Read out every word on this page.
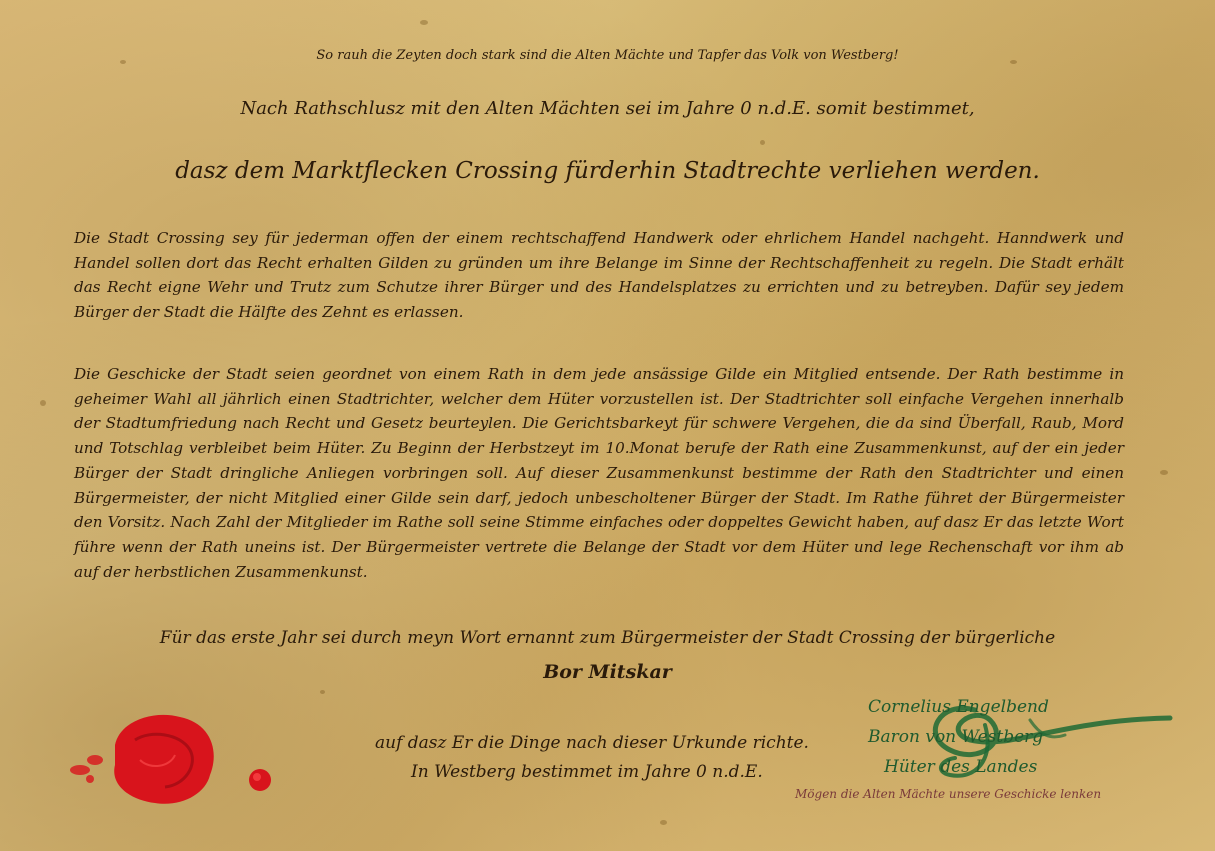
So rauh die Zeyten doch stark sind die Alten Mächte und Tapfer das Volk von Westberg!
Nach Rathschlusz mit den Alten Mächten sei im Jahre 0 n.d.E. somit bestimmet,
dasz dem Marktflecken Crossing fürderhin Stadtrechte verliehen werden.
Die Stadt Crossing sey für jederman offen der einem rechtschaffend Handwerk oder ehrlichem Handel nachgeht. Hanndwerk und Handel sollen dort das Recht erhalten Gilden zu gründen um ihre Belange im Sinne der Rechtschaffenheit zu regeln. Die Stadt erhält das Recht eigne Wehr und Trutz zum Schutze ihrer Bürger und des Handelsplatzes zu errichten und zu betreyben. Dafür sey jedem Bürger der Stadt die Hälfte des Zehnt es erlassen.
Die Geschicke der Stadt seien geordnet von einem Rath in dem jede ansässige Gilde ein Mitglied entsende. Der Rath bestimme in geheimer Wahl all jährlich einen Stadtrichter, welcher dem Hüter vorzustellen ist. Der Stadtrichter soll einfache Vergehen innerhalb der Stadtumfriedung nach Recht und Gesetz beurteylen. Die Gerichtsbarkeyt für schwere Vergehen, die da sind Überfall, Raub, Mord und Totschlag verbleibet beim Hüter. Zu Beginn der Herbstzeyt im 10.Monat berufe der Rath eine Zusammenkunst, auf der ein jeder Bürger der Stadt dringliche Anliegen vorbringen soll. Auf dieser Zusammenkunst bestimme der Rath den Stadtrichter und einen Bürgermeister, der nicht Mitglied einer Gilde sein darf, jedoch unbescholtener Bürger der Stadt. Im Rathe führet der Bürgermeister den Vorsitz. Nach Zahl der Mitglieder im Rathe soll seine Stimme einfaches oder doppeltes Gewicht haben, auf dasz Er das letzte Wort führe wenn der Rath uneins ist. Der Bürgermeister vertrete die Belange der Stadt vor dem Hüter und lege Rechenschaft vor ihm ab auf der herbstlichen Zusammenkunst.
Für das erste Jahr sei durch meyn Wort ernannt zum Bürgermeister der Stadt Crossing der bürgerliche
Bor Mitskar
auf dasz Er die Dinge nach dieser Urkunde richte.
In Westberg bestimmet im Jahre 0 n.d.E.
Cornelius Engelbend
Baron von Westberg
Hüter des Landes
Mögen die Alten Mächte unsere Geschicke lenken
